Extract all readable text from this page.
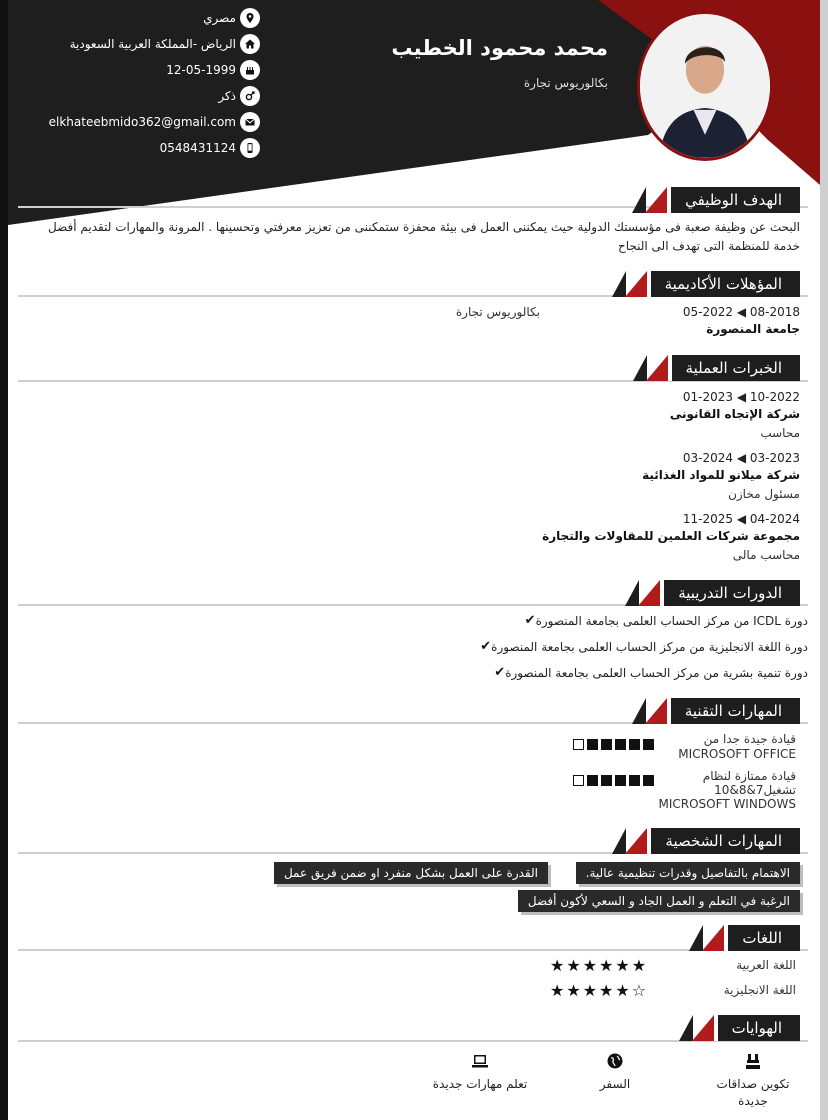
محمد محمود الخطيب
بكالوريوس تجارة
مصري
الرياض -المملكة العربية السعودية
12-05-1999
ذكر
elkhateebmido362@gmail.com
0548431124
الهدف الوظيفي
البحث عن وظيفة صعبة فى مؤسستك الدولية حيث يمكننى العمل فى بيئة محفزة ستمكننى من تعزيز معرفتي وتحسينها . المرونة والمهارات لتقديم أفضل خدمة للمنظمة التى تهدف الى النجاح
المؤهلات الأكاديمية
05-2022 ◀ 08-2018
بكالوريوس تجارة
جامعة المنصورة
الخبرات العملية
01-2023 ◀ 10-2022
شركة الإتجاه القانونى
محاسب
03-2024 ◀ 03-2023
شركة ميلانو للمواد الغذائية
مسئول مخازن
11-2025 ◀ 04-2024
مجموعة شركات العلمين للمقاولات والتجارة
محاسب مالى
الدورات التدريبية
✔ دورة ICDL من مركز الحساب العلمى بجامعة المنصورة
✔ دورة اللغة الانجليزية من مركز الحساب العلمى بجامعة المنصورة
✔ دورة تنمية بشرية من مركز الحساب العلمى بجامعة المنصورة
المهارات التقنية
قيادة جيدة جدا من
MICROSOFT OFFICE
قيادة ممتازة لنظام
تشغيل7&8&10
MICROSOFT WINDOWS
المهارات الشخصية
الاهتمام بالتفاصيل وقدرات تنظيمية عالية.
القدرة على العمل بشكل منفرد او ضمن فريق عمل
الرغبة في التعلم و العمل الجاد و السعي لأكون أفضل
اللغات
اللغة العربية
★★★★★★
اللغة الانجليزية
★★★★★☆
الهوايات
تكوين صداقات جديدة
السفر
تعلم مهارات جديدة
